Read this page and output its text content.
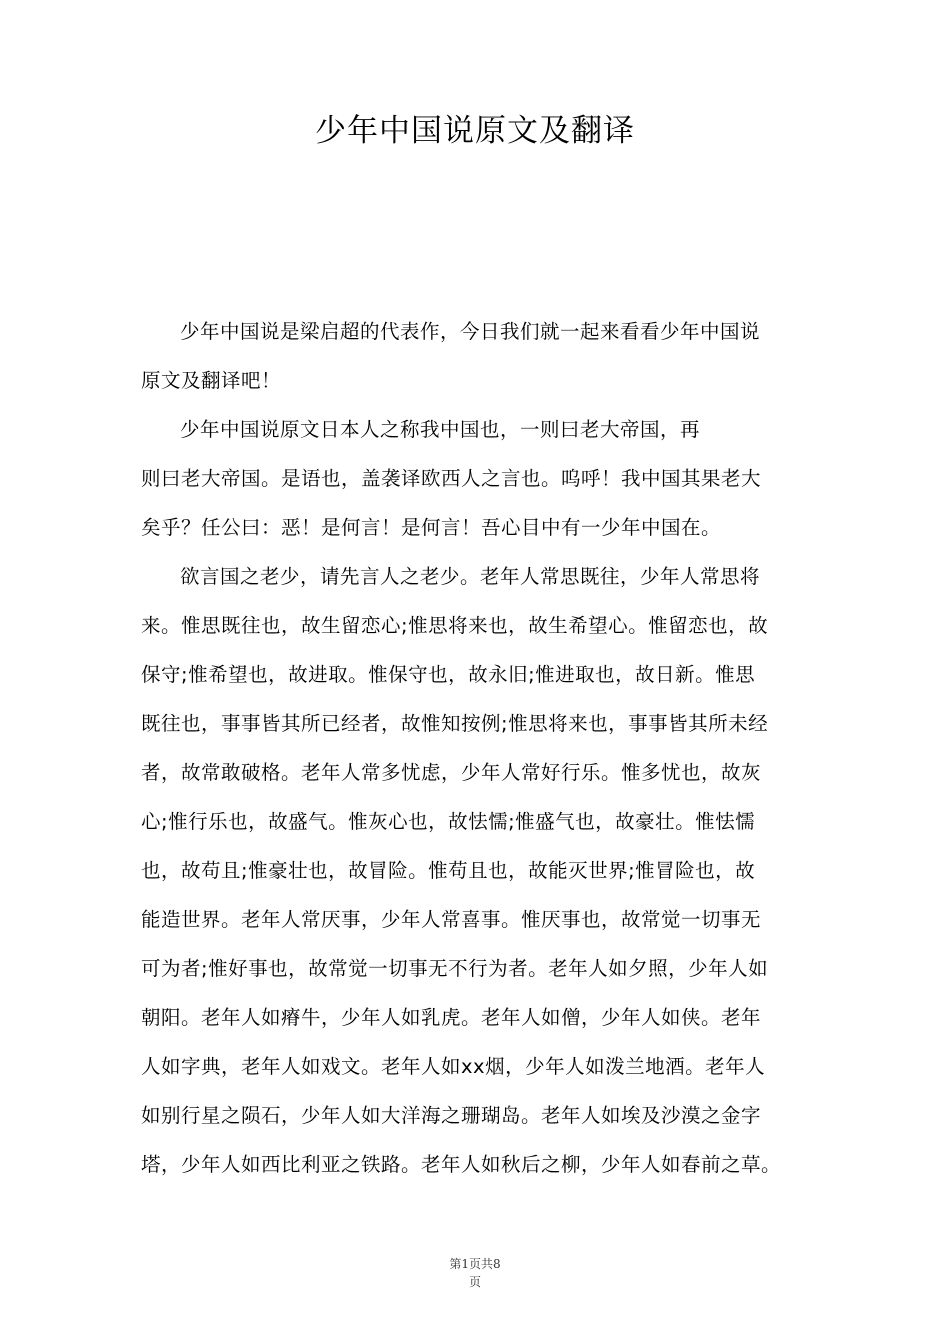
少年中国说原文及翻译

少年中国说是梁启超的代表作，今日我们就一起来看看少年中国说
原文及翻译吧！

少年中国说原文日本人之称我中国也，一则曰老大帝国，再
则曰老大帝国。是语也，盖袭译欧西人之言也。呜呼！我中国其果老大
矣乎？任公曰：恶！是何言！是何言！吾心目中有一少年中国在。

欲言国之老少，请先言人之老少。老年人常思既往，少年人常思将
来。惟思既往也，故生留恋心;惟思将来也，故生希望心。惟留恋也，故
保守;惟希望也，故进取。惟保守也，故永旧;惟进取也，故日新。惟思
既往也，事事皆其所已经者，故惟知按例;惟思将来也，事事皆其所未经
者，故常敢破格。老年人常多忧虑，少年人常好行乐。惟多忧也，故灰
心;惟行乐也，故盛气。惟灰心也，故怯懦;惟盛气也，故豪壮。惟怯懦
也，故苟且;惟豪壮也，故冒险。惟苟且也，故能灭世界;惟冒险也，故
能造世界。老年人常厌事，少年人常喜事。惟厌事也，故常觉一切事无
可为者;惟好事也，故常觉一切事无不行为者。老年人如夕照，少年人如
朝阳。老年人如瘠牛，少年人如乳虎。老年人如僧，少年人如侠。老年
人如字典，老年人如戏文。老年人如xx烟，少年人如泼兰地酒。老年人
如别行星之陨石，少年人如大洋海之珊瑚岛。老年人如埃及沙漠之金字
塔，少年人如西比利亚之铁路。老年人如秋后之柳，少年人如春前之草。

第1页共8
页
